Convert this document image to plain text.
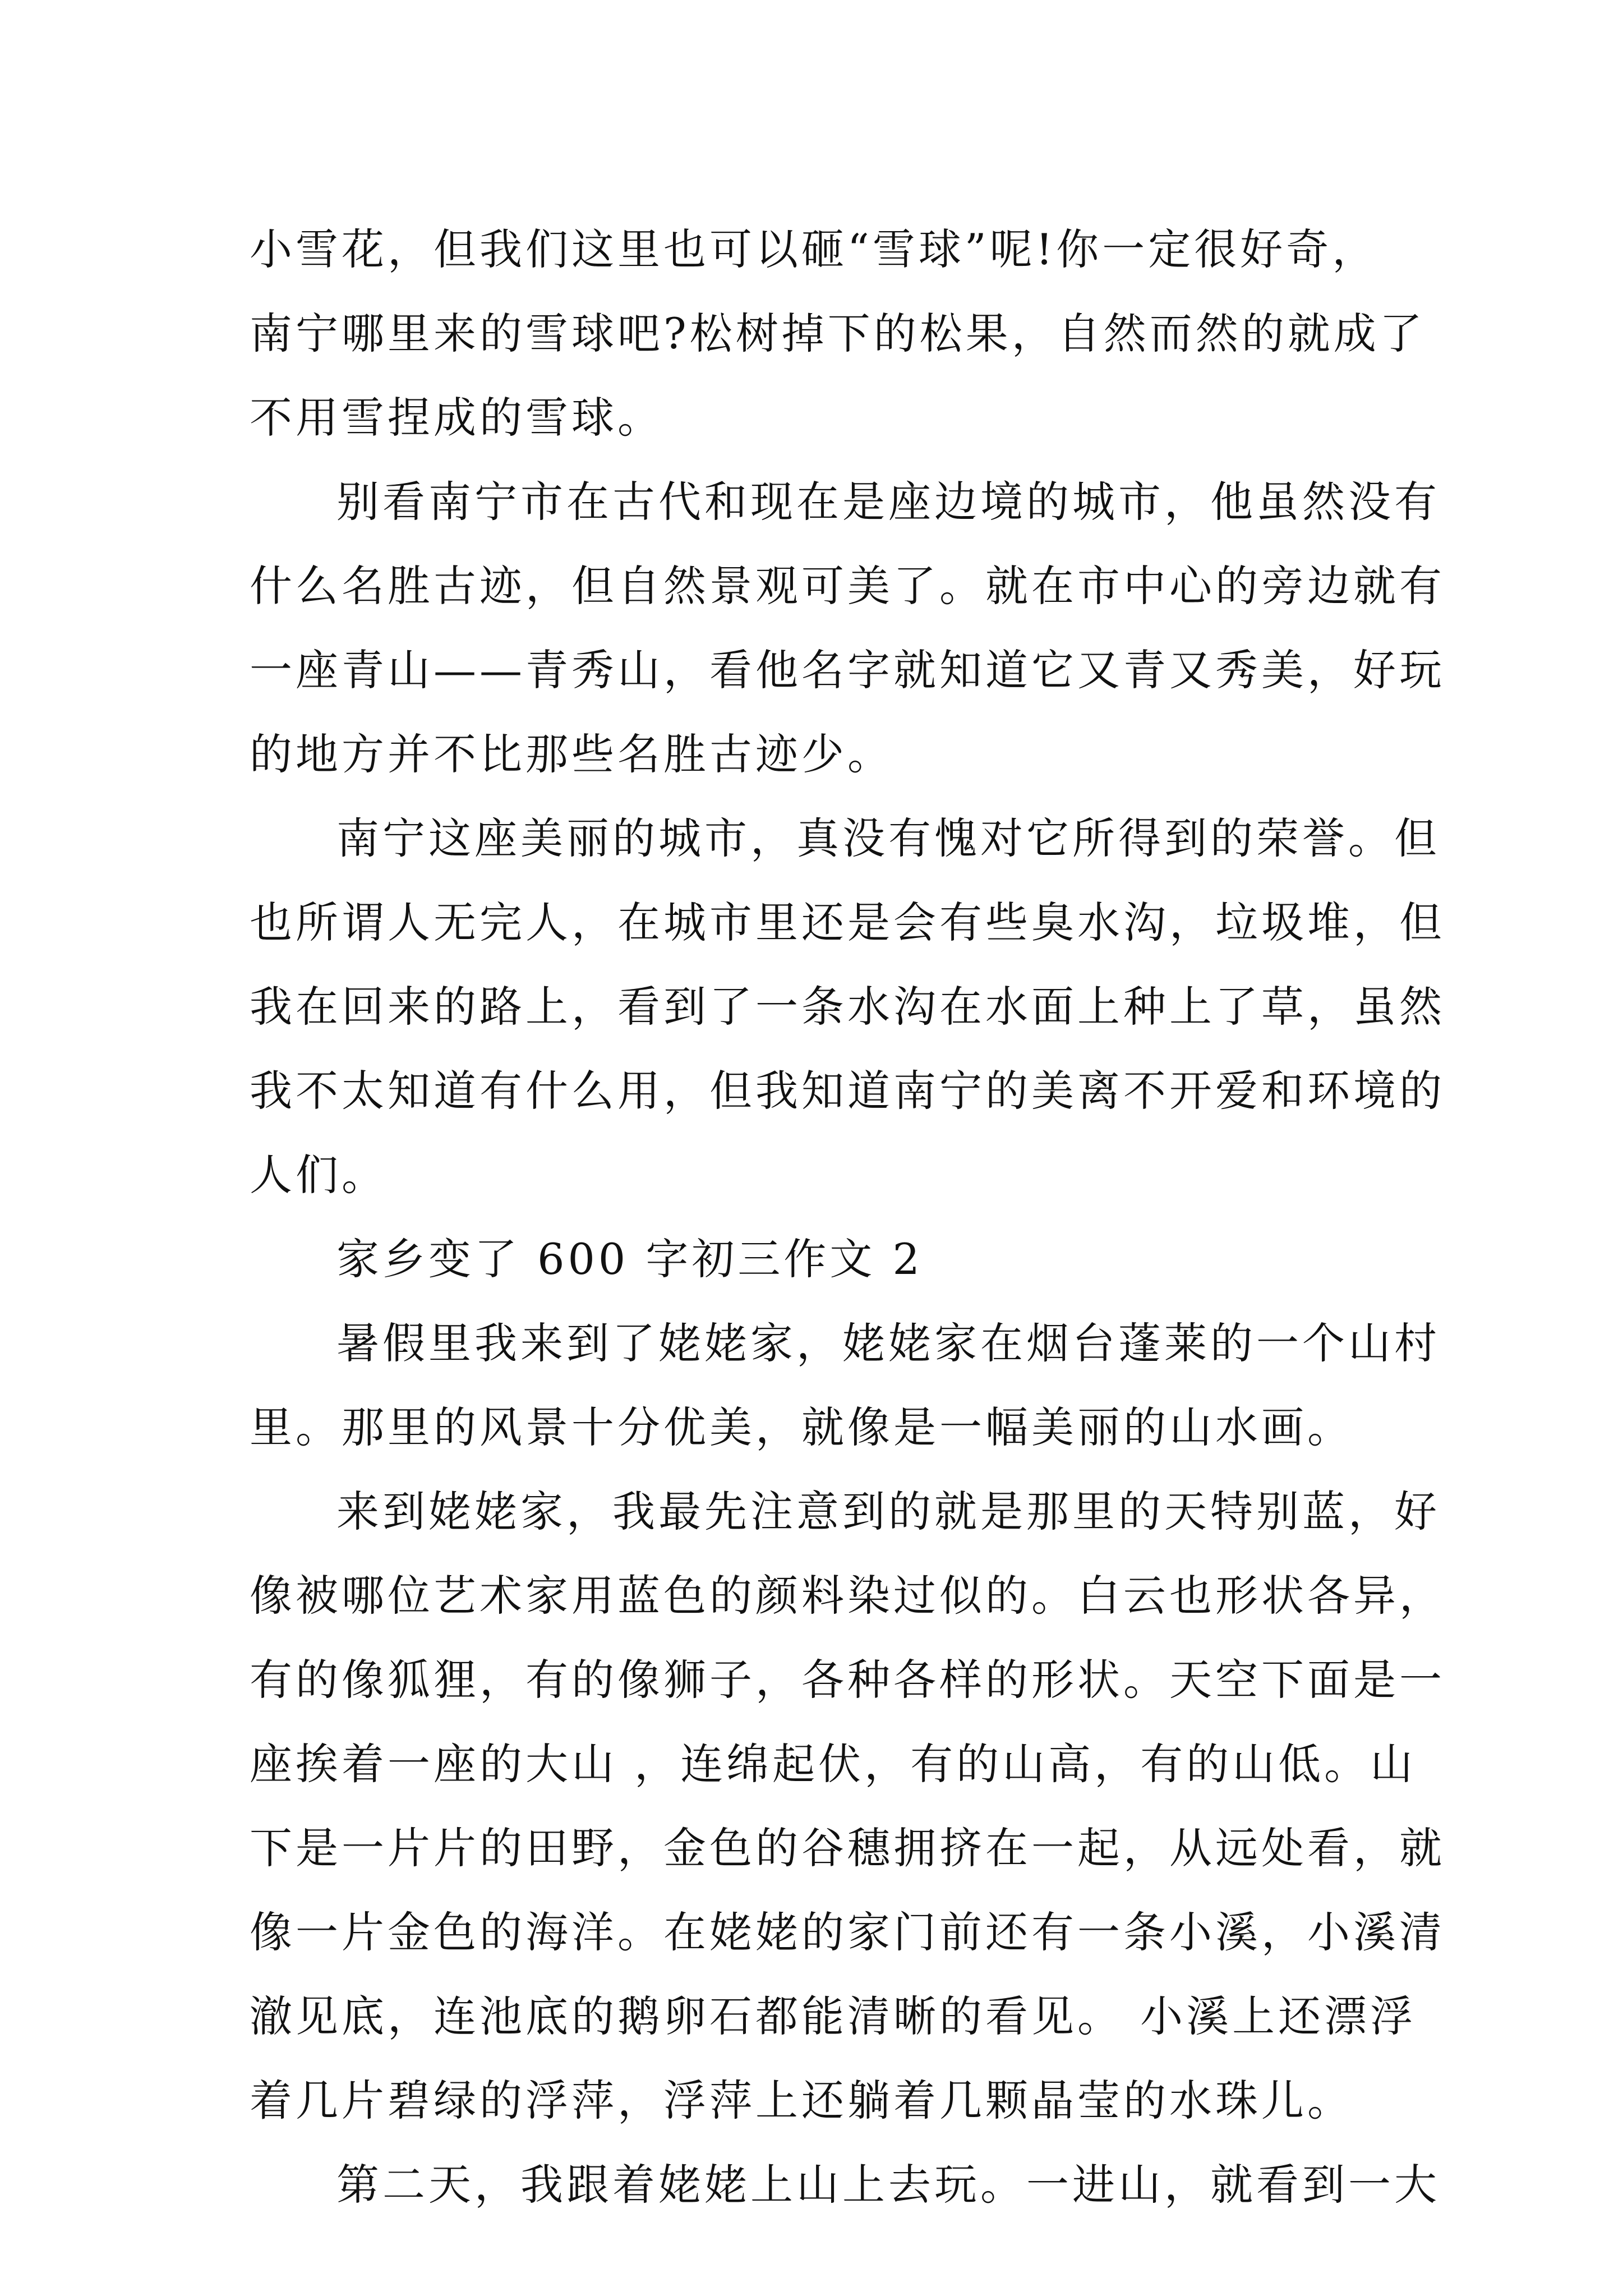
小雪花，但我们这里也可以砸“雪球”呢!你一定很好奇，
南宁哪里来的雪球吧?松树掉下的松果，自然而然的就成了
不用雪捏成的雪球。
别看南宁市在古代和现在是座边境的城市，他虽然没有
什么名胜古迹，但自然景观可美了。就在市中心的旁边就有
一座青山——青秀山，看他名字就知道它又青又秀美，好玩
的地方并不比那些名胜古迹少。
南宁这座美丽的城市，真没有愧对它所得到的荣誉。但
也所谓人无完人，在城市里还是会有些臭水沟，垃圾堆，但
我在回来的路上，看到了一条水沟在水面上种上了草，虽然
我不太知道有什么用，但我知道南宁的美离不开爱和环境的
人们。
家乡变了 600 字初三作文 2
暑假里我来到了姥姥家，姥姥家在烟台蓬莱的一个山村
里。那里的风景十分优美，就像是一幅美丽的山水画。
来到姥姥家，我最先注意到的就是那里的天特别蓝，好
像被哪位艺术家用蓝色的颜料染过似的。白云也形状各异，
有的像狐狸，有的像狮子，各种各样的形状。天空下面是一
座挨着一座的大山 ，连绵起伏，有的山高，有的山低。山
下是一片片的田野，金色的谷穗拥挤在一起，从远处看，就
像一片金色的海洋。在姥姥的家门前还有一条小溪，小溪清
澈见底，连池底的鹅卵石都能清晰的看见。 小溪上还漂浮
着几片碧绿的浮萍，浮萍上还躺着几颗晶莹的水珠儿。
第二天，我跟着姥姥上山上去玩。一进山，就看到一大
